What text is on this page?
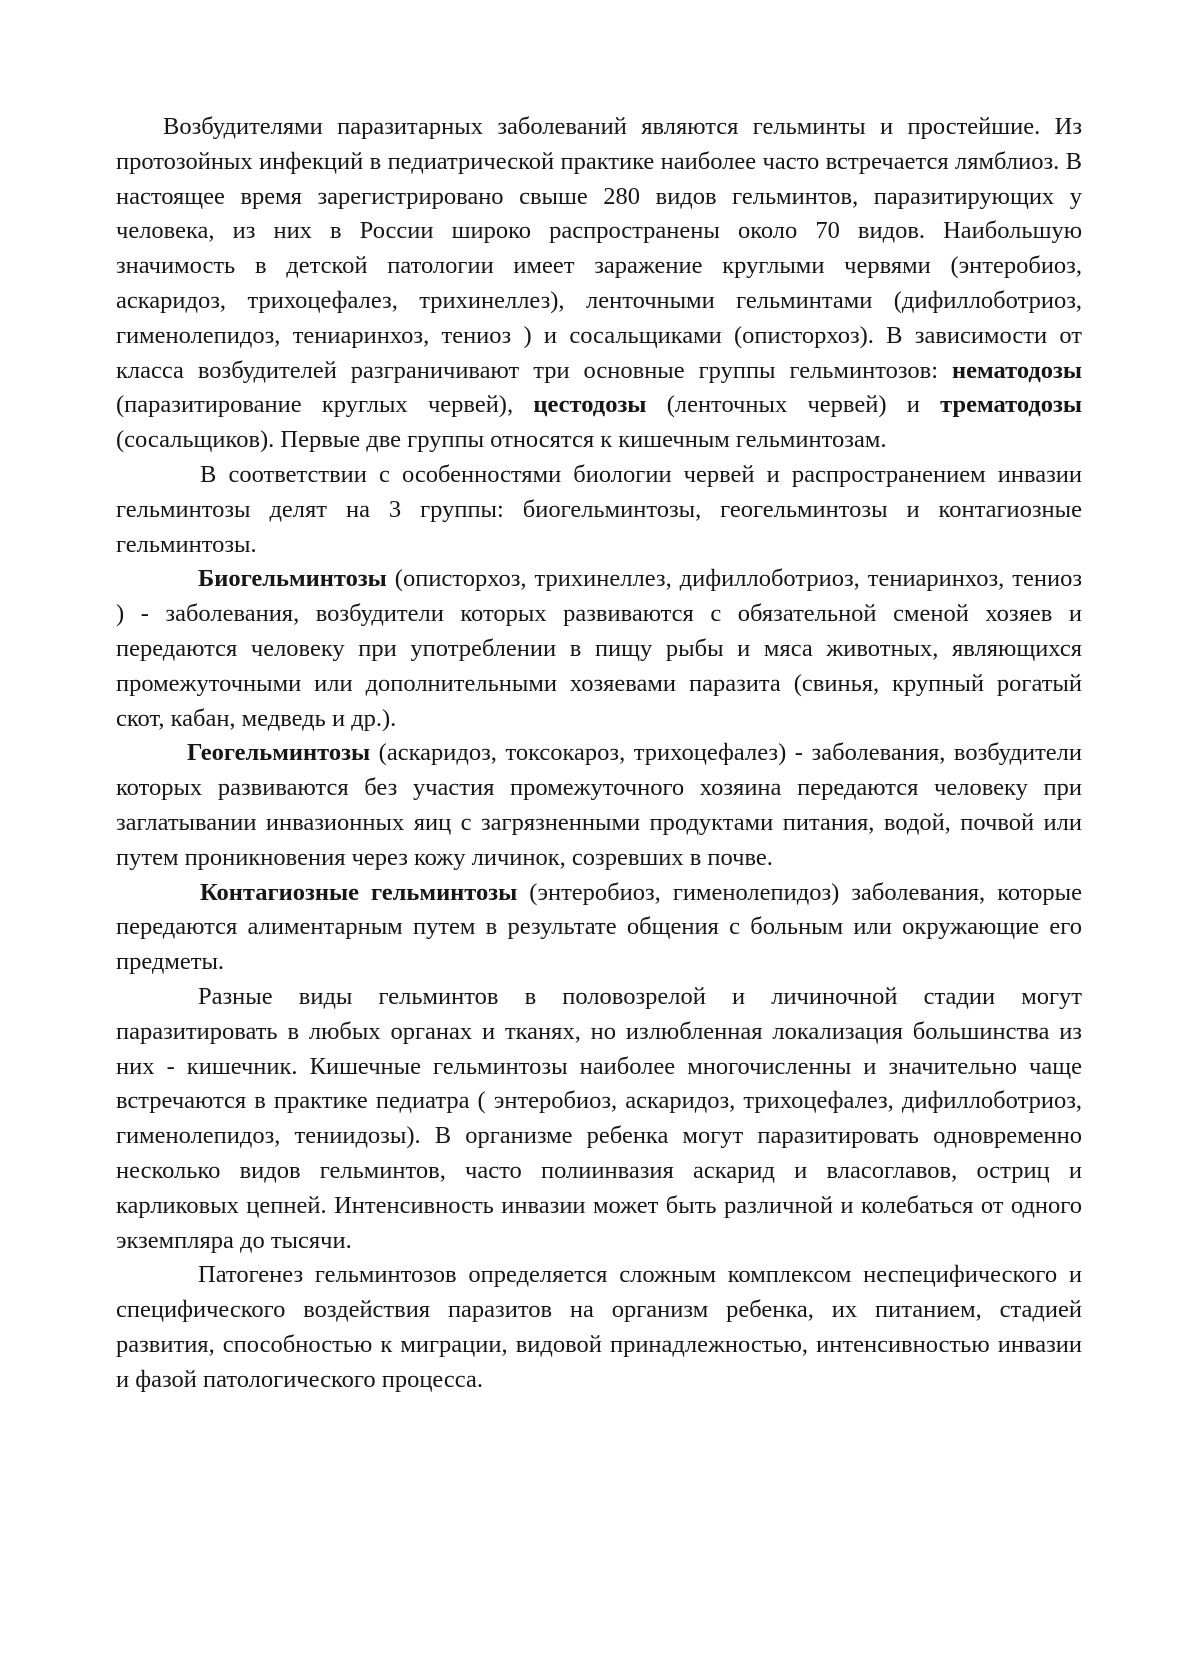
Возбудителями паразитарных заболеваний являются гельминты и простейшие. Из протозойных инфекций в педиатрической практике наиболее часто встречается лямблиоз. В настоящее время зарегистрировано свыше 280 видов гельминтов, паразитирующих у человека, из них в России широко распространены около 70 видов. Наибольшую значимость в детской патологии имеет заражение круглыми червями (энтеробиоз, аскаридоз, трихоцефалез, трихинеллез), ленточными гельминтами (дифиллоботриоз, гименолепидоз, тениаринхоз, тениоз ) и сосальщиками (описторхоз). В зависимости от класса возбудителей разграничивают три основные группы гельминтозов: нематодозы (паразитирование круглых червей), цестодозы (ленточных червей) и трематодозы (сосальщиков). Первые две группы относятся к кишечным гельминтозам.

В соответствии с особенностями биологии червей и распространением инвазии гельминтозы делят на 3 группы: биогельминтозы, геогельминтозы и контагиозные гельминтозы.

Биогельминтозы (описторхоз, трихинеллез, дифиллоботриоз, тениаринхоз, тениоз ) - заболевания, возбудители которых развиваются с обязательной сменой хозяев и передаются человеку при употреблении в пищу рыбы и мяса животных, являющихся промежуточными или дополнительными хозяевами паразита (свинья, крупный рогатый скот, кабан, медведь и др.).

Геогельминтозы (аскаридоз, токсокароз, трихоцефалез) - заболевания, возбудители которых развиваются без участия промежуточного хозяина передаются человеку при заглатывании инвазионных яиц с загрязненными продуктами питания, водой, почвой или путем проникновения через кожу личинок, созревших в почве.

Контагиозные гельминтозы (энтеробиоз, гименолепидоз) заболевания, которые передаются алиментарным путем в результате общения с больным или окружающие его предметы.

Разные виды гельминтов в половозрелой и личиночной стадии могут паразитировать в любых органах и тканях, но излюбленная локализация большинства из них - кишечник. Кишечные гельминтозы наиболее многочисленны и значительно чаще встречаются в практике педиатра ( энтеробиоз, аскаридоз, трихоцефалез, дифиллоботриоз, гименолепидоз, тениидозы). В организме ребенка могут паразитировать одновременно несколько видов гельминтов, часто полиинвазия аскарид и власоглавов, остриц и карликовых цепней. Интенсивность инвазии может быть различной и колебаться от одного экземпляра до тысячи.

Патогенез гельминтозов определяется сложным комплексом неспецифического и специфического воздействия паразитов на организм ребенка, их питанием, стадией развития, способностью к миграции, видовой принадлежностью, интенсивностью инвазии и фазой патологического процесса.
